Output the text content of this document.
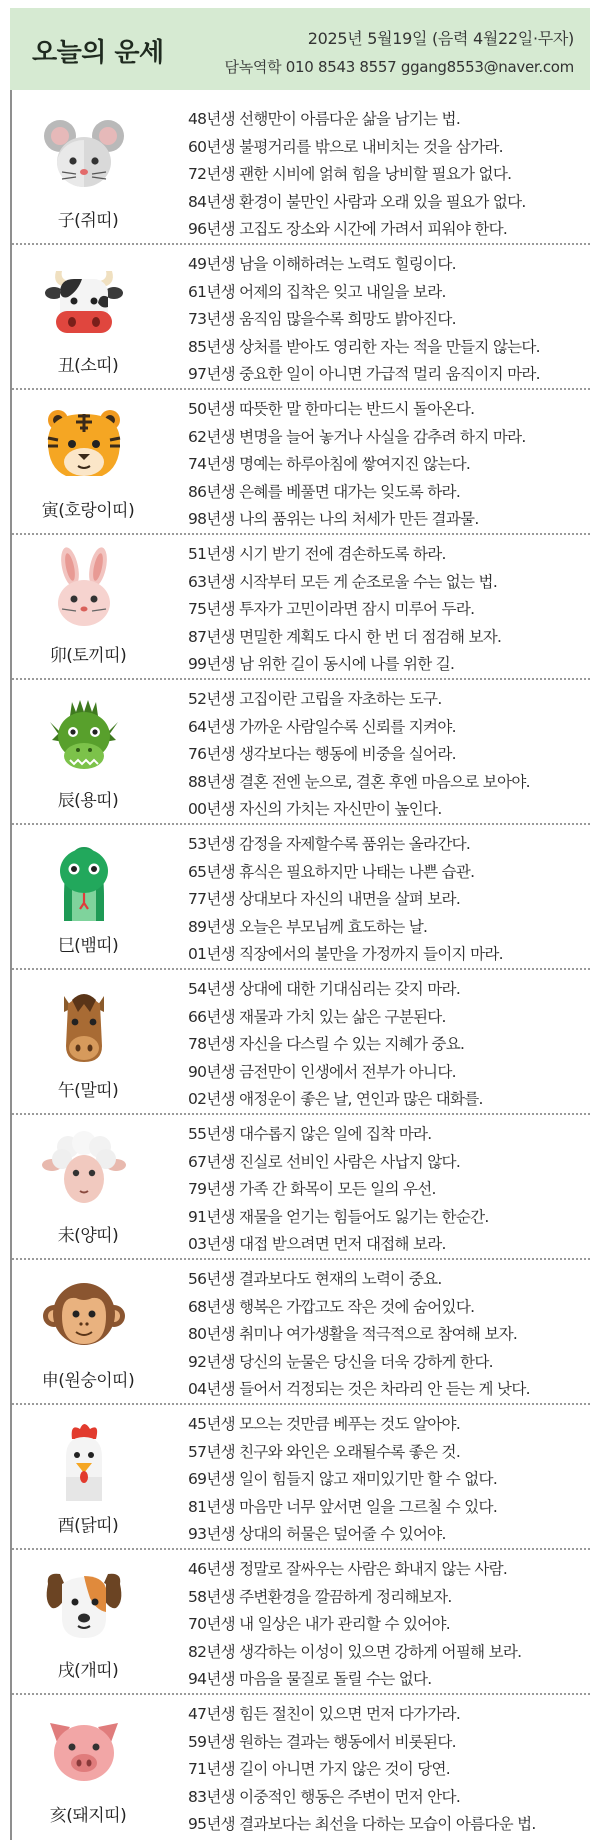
오늘의 운세	2025년 5월19일 (음력 4월22일·무자)
담녹역학 010 8543 8557 ggang8553@naver.com
子(쥐띠)
48년생 선행만이 아름다운 삶을 남기는 법.
60년생 불평거리를 밖으로 내비치는 것을 삼가라.
72년생 괜한 시비에 얽혀 힘을 낭비할 필요가 없다.
84년생 환경이 불만인 사람과 오래 있을 필요가 없다.
96년생 고집도 장소와 시간에 가려서 피워야 한다.
丑(소띠)
49년생 남을 이해하려는 노력도 힐링이다.
61년생 어제의 집착은 잊고 내일을 보라.
73년생 움직임 많을수록 희망도 밝아진다.
85년생 상처를 받아도 영리한 자는 적을 만들지 않는다.
97년생 중요한 일이 아니면 가급적 멀리 움직이지 마라.
寅(호랑이띠)
50년생 따뜻한 말 한마디는 반드시 돌아온다.
62년생 변명을 늘어 놓거나 사실을 감추려 하지 마라.
74년생 명예는 하루아침에 쌓여지진 않는다.
86년생 은혜를 베풀면 대가는 잊도록 하라.
98년생 나의 품위는 나의 처세가 만든 결과물.
卯(토끼띠)
51년생 시기 받기 전에 겸손하도록 하라.
63년생 시작부터 모든 게 순조로울 수는 없는 법.
75년생 투자가 고민이라면 잠시 미루어 두라.
87년생 면밀한 계획도 다시 한 번 더 점검해 보자.
99년생 남 위한 길이 동시에 나를 위한 길.
辰(용띠)
52년생 고집이란 고립을 자초하는 도구.
64년생 가까운 사람일수록 신뢰를 지켜야.
76년생 생각보다는 행동에 비중을 실어라.
88년생 결혼 전엔 눈으로, 결혼 후엔 마음으로 보아야.
00년생 자신의 가치는 자신만이 높인다.
巳(뱀띠)
53년생 감정을 자제할수록 품위는 올라간다.
65년생 휴식은 필요하지만 나태는 나쁜 습관.
77년생 상대보다 자신의 내면을 살펴 보라.
89년생 오늘은 부모님께 효도하는 날.
01년생 직장에서의 불만을 가정까지 들이지 마라.
午(말띠)
54년생 상대에 대한 기대심리는 갖지 마라.
66년생 재물과 가치 있는 삶은 구분된다.
78년생 자신을 다스릴 수 있는 지혜가 중요.
90년생 금전만이 인생에서 전부가 아니다.
02년생 애정운이 좋은 날, 연인과 많은 대화를.
未(양띠)
55년생 대수롭지 않은 일에 집착 마라.
67년생 진실로 선비인 사람은 사납지 않다.
79년생 가족 간 화목이 모든 일의 우선.
91년생 재물을 얻기는 힘들어도 잃기는 한순간.
03년생 대접 받으려면 먼저 대접해 보라.
申(원숭이띠)
56년생 결과보다도 현재의 노력이 중요.
68년생 행복은 가깝고도 작은 것에 숨어있다.
80년생 취미나 여가생활을 적극적으로 참여해 보자.
92년생 당신의 눈물은 당신을 더욱 강하게 한다.
04년생 들어서 걱정되는 것은 차라리 안 듣는 게 낫다.
酉(닭띠)
45년생 모으는 것만큼 베푸는 것도 알아야.
57년생 친구와 와인은 오래될수록 좋은 것.
69년생 일이 힘들지 않고 재미있기만 할 수 없다.
81년생 마음만 너무 앞서면 일을 그르칠 수 있다.
93년생 상대의 허물은 덮어줄 수 있어야.
戌(개띠)
46년생 정말로 잘싸우는 사람은 화내지 않는 사람.
58년생 주변환경을 깔끔하게 정리해보자.
70년생 내 일상은 내가 관리할 수 있어야.
82년생 생각하는 이성이 있으면 강하게 어필해 보라.
94년생 마음을 물질로 돌릴 수는 없다.
亥(돼지띠)
47년생 힘든 절친이 있으면 먼저 다가가라.
59년생 원하는 결과는 행동에서 비롯된다.
71년생 길이 아니면 가지 않은 것이 당연.
83년생 이중적인 행동은 주변이 먼저 안다.
95년생 결과보다는 최선을 다하는 모습이 아름다운 법.
